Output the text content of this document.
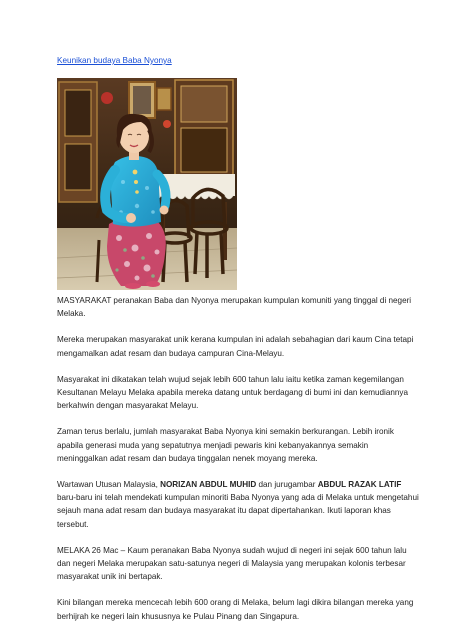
Keunikan budaya Baba Nyonya

MASYARAKAT peranakan Baba dan Nyonya merupakan kumpulan komuniti yang tinggal di negeri Melaka.

Mereka merupakan masyarakat unik kerana kumpulan ini adalah sebahagian dari kaum Cina tetapi mengamalkan adat resam dan budaya campuran Cina-Melayu.

Masyarakat ini dikatakan telah wujud sejak lebih 600 tahun lalu iaitu ketika zaman kegemilangan Kesultanan Melayu Melaka apabila mereka datang untuk berdagang di bumi ini dan kemudiannya berkahwin dengan masyarakat Melayu.

Zaman terus berlalu, jumlah masyarakat Baba Nyonya kini semakin berkurangan. Lebih ironik apabila generasi muda yang sepatutnya menjadi pewaris kini kebanyakannya semakin meninggalkan adat resam dan budaya tinggalan nenek moyang mereka.

Wartawan Utusan Malaysia, NORIZAN ABDUL MUHID dan jurugambar ABDUL RAZAK LATIF baru-baru ini telah mendekati kumpulan minoriti Baba Nyonya yang ada di Melaka untuk mengetahui sejauh mana adat resam dan budaya masyarakat itu dapat dipertahankan. Ikuti laporan khas tersebut.

MELAKA 26 Mac – Kaum peranakan Baba Nyonya sudah wujud di negeri ini sejak 600 tahun lalu dan negeri Melaka merupakan satu-satunya negeri di Malaysia yang merupakan kolonis terbesar masyarakat unik ini bertapak.

Kini bilangan mereka mencecah lebih 600 orang di Melaka, belum lagi dikira bilangan mereka yang berhijrah ke negeri lain khususnya ke Pulau Pinang dan Singapura.
